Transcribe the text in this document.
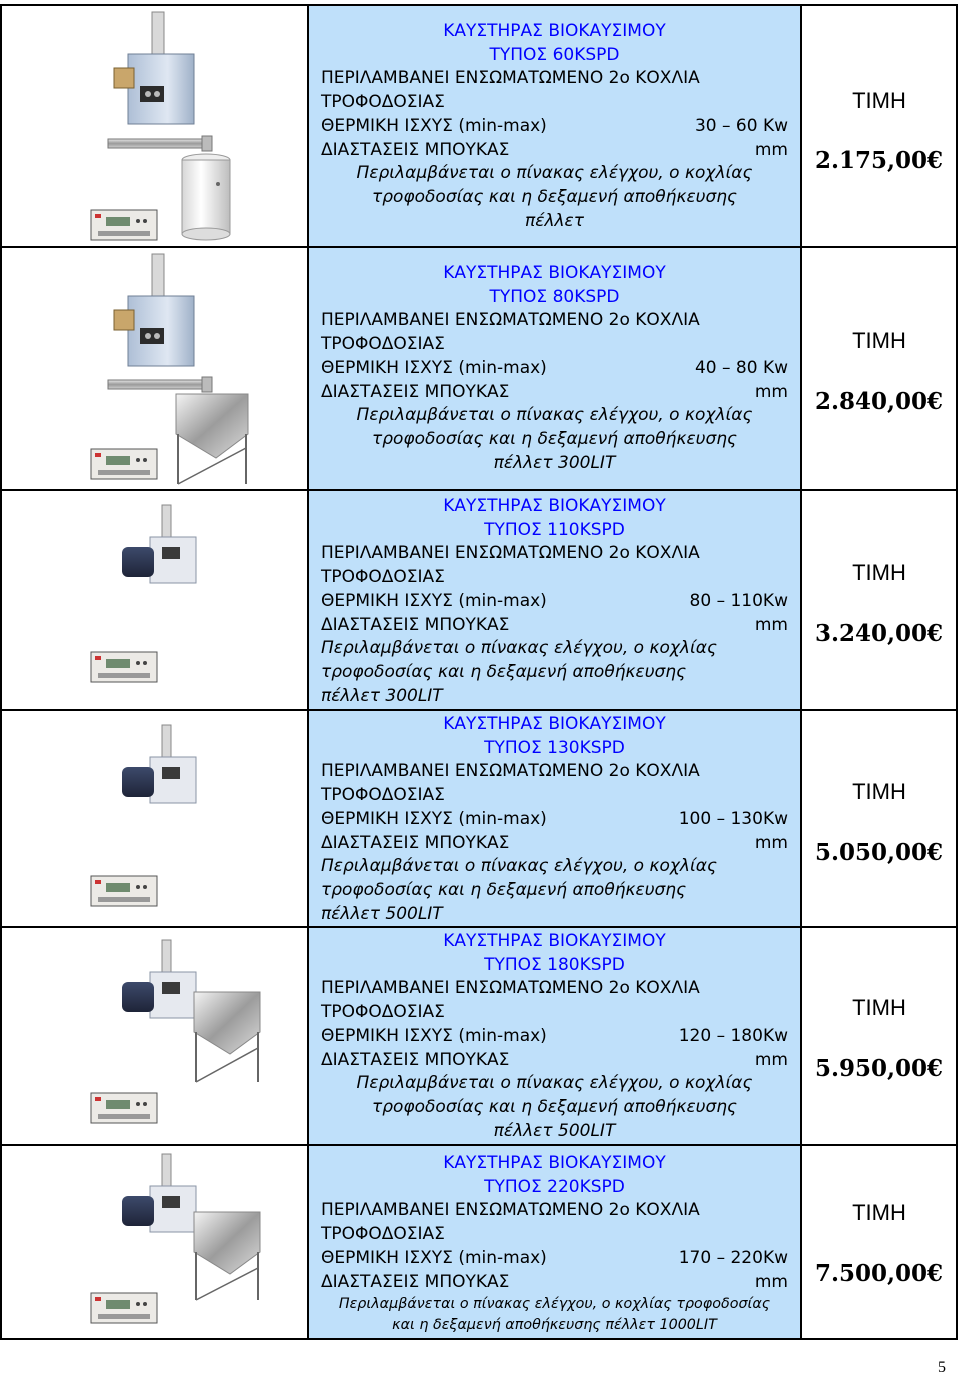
ΚΑΥΣΤΗΡΑΣ ΒΙΟΚΑΥΣΙΜΟΥ
ΤΥΠΟΣ 60KSPD
ΠΕΡΙΛΑΜΒΑΝΕΙ ΕΝΣΩΜΑΤΩΜΕΝΟ 2ο ΚΟΧΛΙΑ
ΤΡΟΦΟΔΟΣΙΑΣ
ΘΕΡΜΙΚΗ ΙΣΧΥΣ (min-max)	30 – 60 Kw
ΔΙΑΣΤΑΣΕΙΣ ΜΠΟΥΚΑΣ	mm
Περιλαμβάνεται ο πίνακας ελέγχου, ο κοχλίας
τροφοδοσίας και η δεξαμενή αποθήκευσης
πέλλετ
ΤΙΜΗ
2.175,00€
ΚΑΥΣΤΗΡΑΣ ΒΙΟΚΑΥΣΙΜΟΥ
ΤΥΠΟΣ 80KSPD
ΠΕΡΙΛΑΜΒΑΝΕΙ ΕΝΣΩΜΑΤΩΜΕΝΟ 2ο ΚΟΧΛΙΑ
ΤΡΟΦΟΔΟΣΙΑΣ
ΘΕΡΜΙΚΗ ΙΣΧΥΣ (min-max)	40 – 80 Kw
ΔΙΑΣΤΑΣΕΙΣ ΜΠΟΥΚΑΣ	mm
Περιλαμβάνεται ο πίνακας ελέγχου, ο κοχλίας
τροφοδοσίας και η δεξαμενή αποθήκευσης
πέλλετ 300LIT
ΤΙΜΗ
2.840,00€
ΚΑΥΣΤΗΡΑΣ ΒΙΟΚΑΥΣΙΜΟΥ
ΤΥΠΟΣ 110KSPD
ΠΕΡΙΛΑΜΒΑΝΕΙ ΕΝΣΩΜΑΤΩΜΕΝΟ 2ο ΚΟΧΛΙΑ
ΤΡΟΦΟΔΟΣΙΑΣ
ΘΕΡΜΙΚΗ ΙΣΧΥΣ (min-max)	80 – 110Kw
ΔΙΑΣΤΑΣΕΙΣ ΜΠΟΥΚΑΣ	mm
Περιλαμβάνεται ο πίνακας ελέγχου, ο κοχλίας
τροφοδοσίας και η δεξαμενή αποθήκευσης
πέλλετ 300LIT
ΤΙΜΗ
3.240,00€
ΚΑΥΣΤΗΡΑΣ ΒΙΟΚΑΥΣΙΜΟΥ
ΤΥΠΟΣ 130KSPD
ΠΕΡΙΛΑΜΒΑΝΕΙ ΕΝΣΩΜΑΤΩΜΕΝΟ 2ο ΚΟΧΛΙΑ
ΤΡΟΦΟΔΟΣΙΑΣ
ΘΕΡΜΙΚΗ ΙΣΧΥΣ (min-max)	100 – 130Kw
ΔΙΑΣΤΑΣΕΙΣ ΜΠΟΥΚΑΣ	mm
Περιλαμβάνεται ο πίνακας ελέγχου, ο κοχλίας
τροφοδοσίας και η δεξαμενή αποθήκευσης
πέλλετ 500LIT
ΤΙΜΗ
5.050,00€
ΚΑΥΣΤΗΡΑΣ ΒΙΟΚΑΥΣΙΜΟΥ
ΤΥΠΟΣ 180KSPD
ΠΕΡΙΛΑΜΒΑΝΕΙ ΕΝΣΩΜΑΤΩΜΕΝΟ 2ο ΚΟΧΛΙΑ
ΤΡΟΦΟΔΟΣΙΑΣ
ΘΕΡΜΙΚΗ ΙΣΧΥΣ (min-max)	120 – 180Kw
ΔΙΑΣΤΑΣΕΙΣ ΜΠΟΥΚΑΣ	mm
Περιλαμβάνεται ο πίνακας ελέγχου, ο κοχλίας
τροφοδοσίας και η δεξαμενή αποθήκευσης
πέλλετ 500LIT
ΤΙΜΗ
5.950,00€
ΚΑΥΣΤΗΡΑΣ ΒΙΟΚΑΥΣΙΜΟΥ
ΤΥΠΟΣ 220KSPD
ΠΕΡΙΛΑΜΒΑΝΕΙ ΕΝΣΩΜΑΤΩΜΕΝΟ 2ο ΚΟΧΛΙΑ
ΤΡΟΦΟΔΟΣΙΑΣ
ΘΕΡΜΙΚΗ ΙΣΧΥΣ (min-max)	170 – 220Kw
ΔΙΑΣΤΑΣΕΙΣ ΜΠΟΥΚΑΣ	mm
Περιλαμβάνεται ο πίνακας ελέγχου, ο κοχλίας τροφοδοσίας
και η δεξαμενή αποθήκευσης πέλλετ 1000LIT
ΤΙΜΗ
7.500,00€
5
